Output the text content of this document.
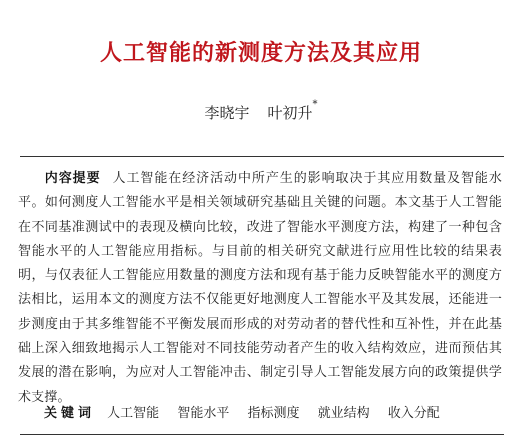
人工智能的新测度方法及其应用
李晓宇 叶初升*
内容提要 人工智能在经济活动中所产生的影响取决于其应用数量及智能水平。如何测度人工智能水平是相关领域研究基础且关键的问题。本文基于人工智能在不同基准测试中的表现及横向比较，改进了智能水平测度方法，构建了一种包含智能水平的人工智能应用指标。与目前的相关研究文献进行应用性比较的结果表明，与仅表征人工智能应用数量的测度方法和现有基于能力反映智能水平的测度方法相比，运用本文的测度方法不仅能更好地测度人工智能水平及其发展，还能进一步测度由于其多维智能不平衡发展而形成的对劳动者的替代性和互补性，并在此基础上深入细致地揭示人工智能对不同技能劳动者产生的收入结构效应，进而预估其发展的潜在影响，为应对人工智能冲击、制定引导人工智能发展方向的政策提供学术支撑。
关键词 人工智能 智能水平 指标测度 就业结构 收入分配
